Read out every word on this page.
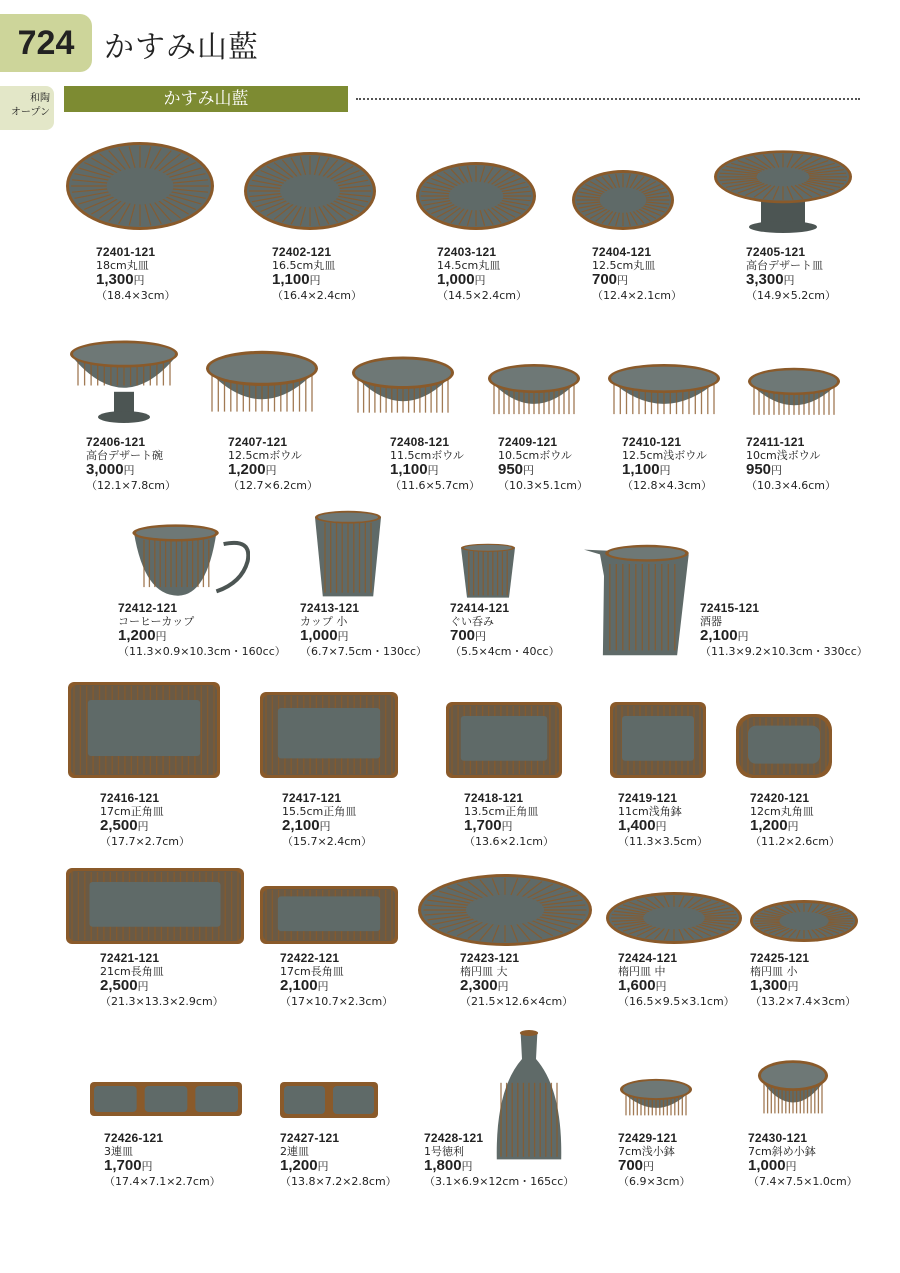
724 かすみ山藍
和陶
オープン
かすみ山藍
72401-121
18cm丸皿
1,300円
（18.4×3cm）
72402-121
16.5cm丸皿
1,100円
（16.4×2.4cm）
72403-121
14.5cm丸皿
1,000円
（14.5×2.4cm）
72404-121
12.5cm丸皿
700円
（12.4×2.1cm）
72405-121
高台デザート皿
3,300円
（14.9×5.2cm）
72406-121
高台デザート碗
3,000円
（12.1×7.8cm）
72407-121
12.5cmボウル
1,200円
（12.7×6.2cm）
72408-121
11.5cmボウル
1,100円
（11.6×5.7cm）
72409-121
10.5cmボウル
950円
（10.3×5.1cm）
72410-121
12.5cm浅ボウル
1,100円
（12.8×4.3cm）
72411-121
10cm浅ボウル
950円
（10.3×4.6cm）
72412-121
コーヒーカップ
1,200円
（11.3×0.9×10.3cm・160cc）
72413-121
カップ 小
1,000円
（6.7×7.5cm・130cc）
72414-121
ぐい呑み
700円
（5.5×4cm・40cc）
72415-121
酒器
2,100円
（11.3×9.2×10.3cm・330cc）
72416-121
17cm正角皿
2,500円
（17.7×2.7cm）
72417-121
15.5cm正角皿
2,100円
（15.7×2.4cm）
72418-121
13.5cm正角皿
1,700円
（13.6×2.1cm）
72419-121
11cm浅角鉢
1,400円
（11.3×3.5cm）
72420-121
12cm丸角皿
1,200円
（11.2×2.6cm）
72421-121
21cm長角皿
2,500円
（21.3×13.3×2.9cm）
72422-121
17cm長角皿
2,100円
（17×10.7×2.3cm）
72423-121
楕円皿 大
2,300円
（21.5×12.6×4cm）
72424-121
楕円皿 中
1,600円
（16.5×9.5×3.1cm）
72425-121
楕円皿 小
1,300円
（13.2×7.4×3cm）
72426-121
3連皿
1,700円
（17.4×7.1×2.7cm）
72427-121
2連皿
1,200円
（13.8×7.2×2.8cm）
72428-121
1号徳利
1,800円
（3.1×6.9×12cm・165cc）
72429-121
7cm浅小鉢
700円
（6.9×3cm）
72430-121
7cm斜め小鉢
1,000円
（7.4×7.5×1.0cm）
